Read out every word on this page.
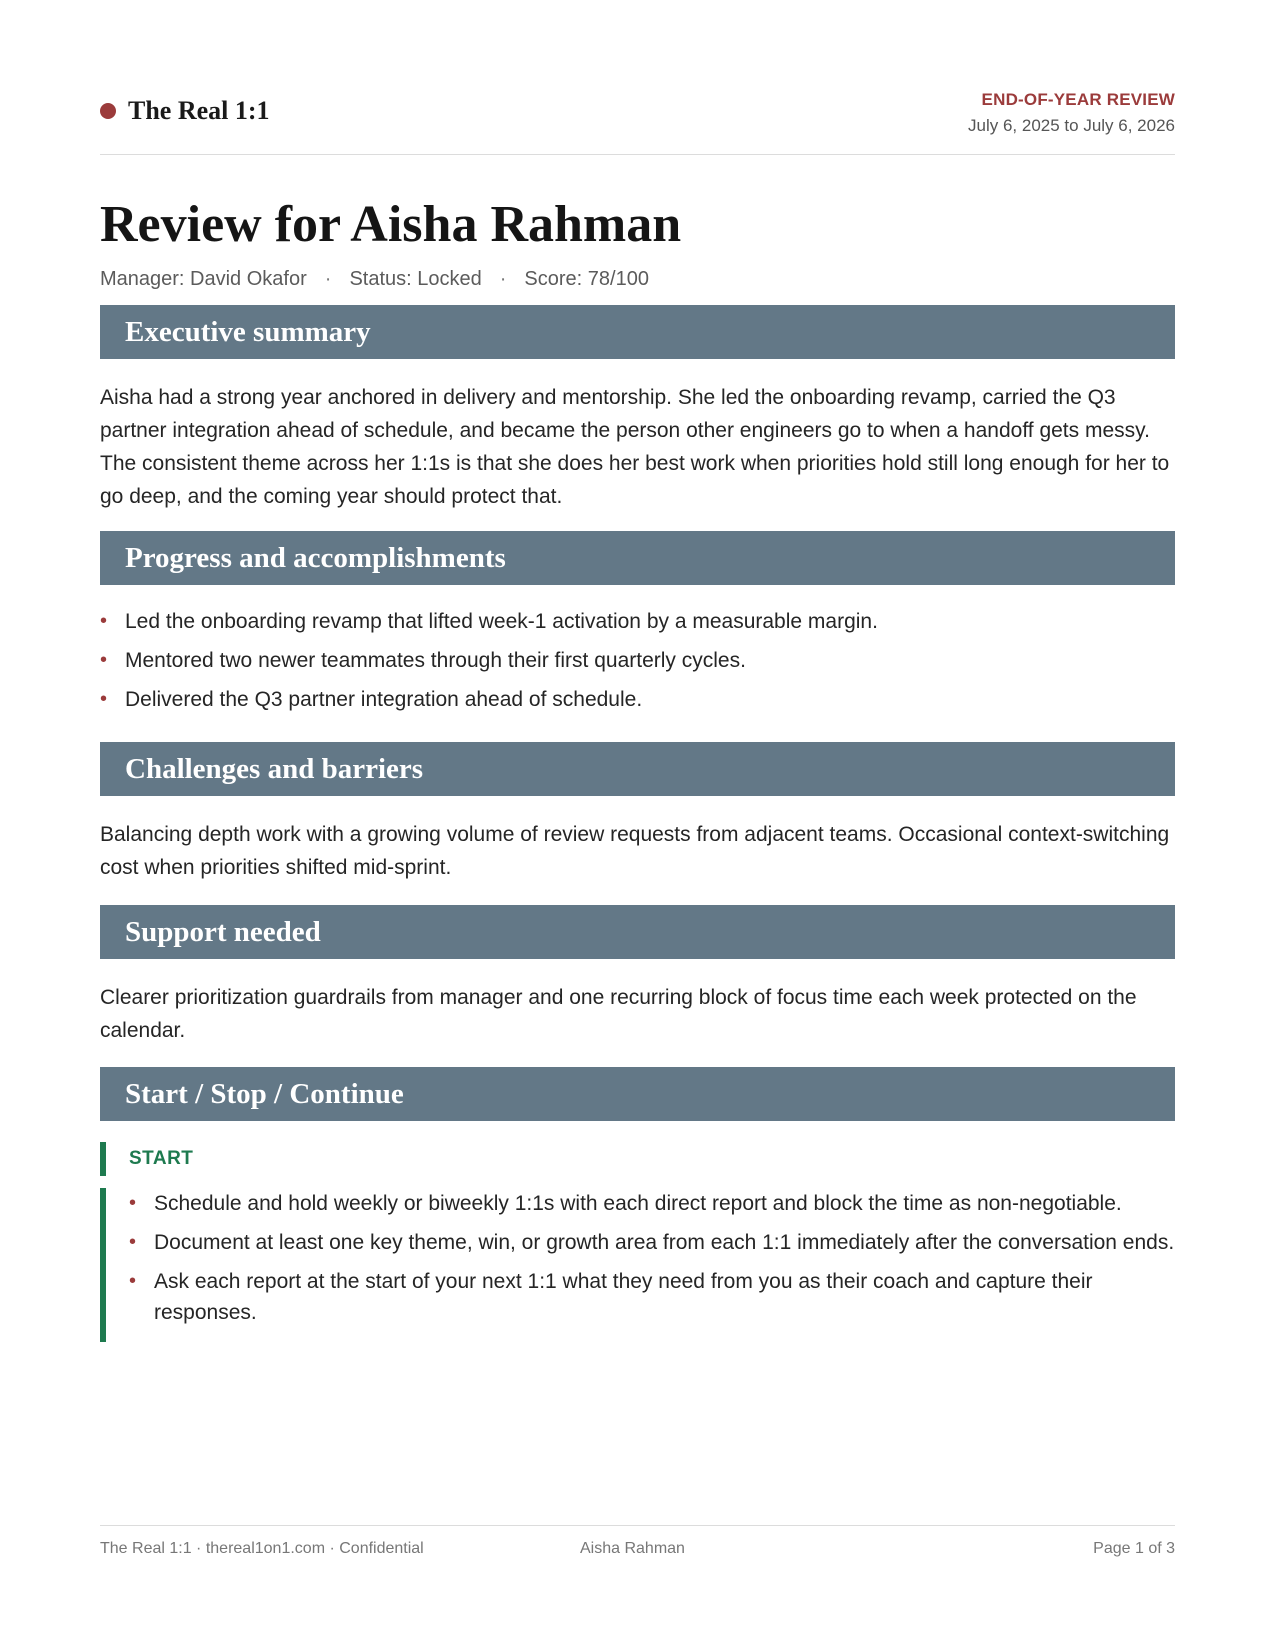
The Real 1:1	END-OF-YEAR REVIEW
July 6, 2025 to July 6, 2026
Review for Aisha Rahman
Manager: David Okafor · Status: Locked · Score: 78/100
Executive summary

Aisha had a strong year anchored in delivery and mentorship. She led the onboarding revamp, carried the Q3 partner integration ahead of schedule, and became the person other engineers go to when a handoff gets messy. The consistent theme across her 1:1s is that she does her best work when priorities hold still long enough for her to go deep, and the coming year should protect that.

Progress and accomplishments
• Led the onboarding revamp that lifted week-1 activation by a measurable margin.
• Mentored two newer teammates through their first quarterly cycles.
• Delivered the Q3 partner integration ahead of schedule.
Challenges and barriers

Balancing depth work with a growing volume of review requests from adjacent teams. Occasional context-switching cost when priorities shifted mid-sprint.

Support needed

Clearer prioritization guardrails from manager and one recurring block of focus time each week protected on the calendar.

Start / Stop / Continue
START
• Schedule and hold weekly or biweekly 1:1s with each direct report and block the time as non-negotiable.
• Document at least one key theme, win, or growth area from each 1:1 immediately after the conversation ends.
• Ask each report at the start of your next 1:1 what they need from you as their coach and capture their responses.
The Real 1:1 · thereal1on1.com · Confidential	Aisha Rahman	Page 1 of 3
